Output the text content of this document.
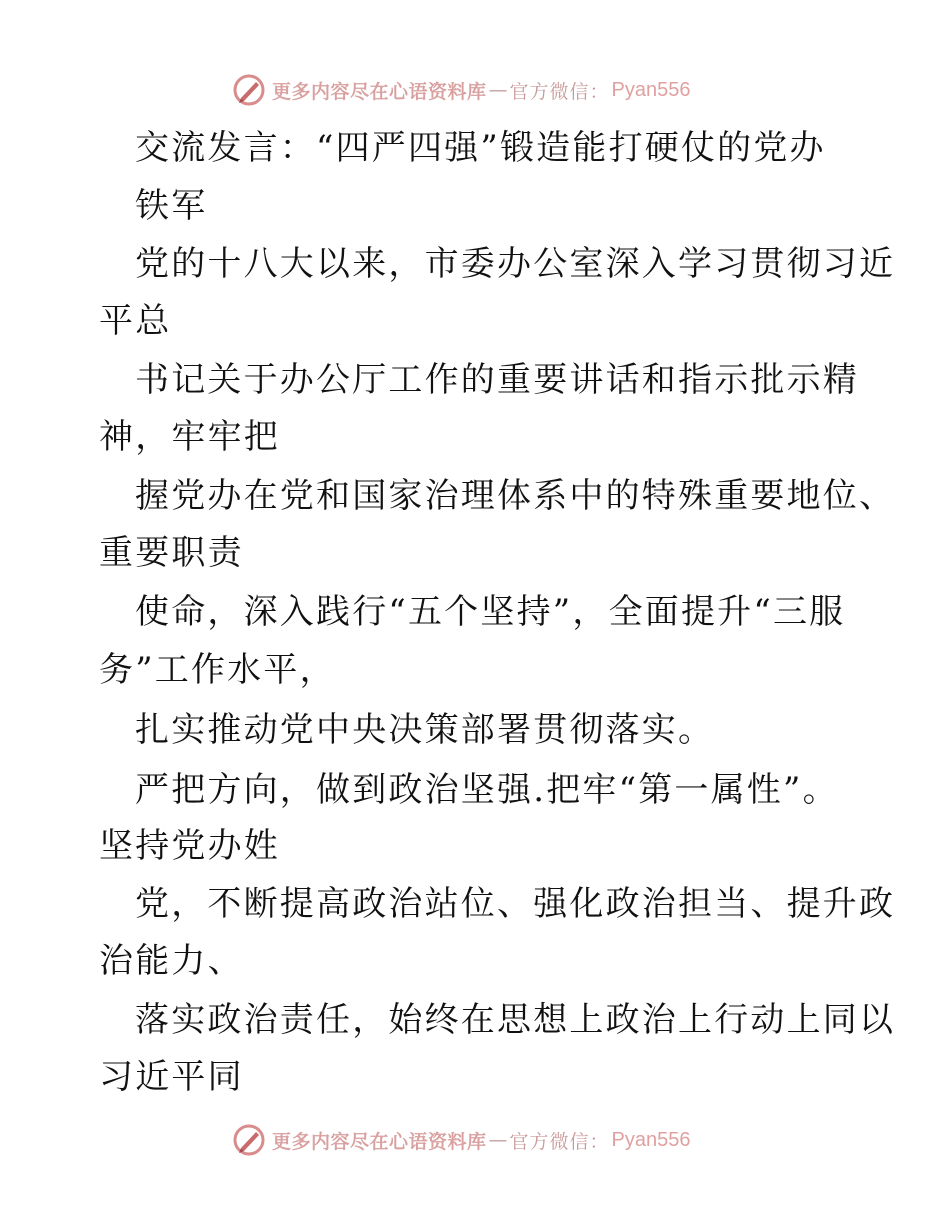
更多内容尽在心语资料库 — 官方微信： Pyan556
交流发言：“四严四强”锻造能打硬仗的党办
铁军
党的十八大以来，市委办公室深入学习贯彻习近
平总
书记关于办公厅工作的重要讲话和指示批示精
神，牢牢把
握党办在党和国家治理体系中的特殊重要地位、
重要职责
使命，深入践行“五个坚持”，全面提升“三服
务”工作水平，
扎实推动党中央决策部署贯彻落实。
严把方向，做到政治坚强.把牢“第一属性”。
坚持党办姓
党，不断提高政治站位、强化政治担当、提升政
治能力、
落实政治责任，始终在思想上政治上行动上同以
习近平同
更多内容尽在心语资料库 — 官方微信： Pyan556
